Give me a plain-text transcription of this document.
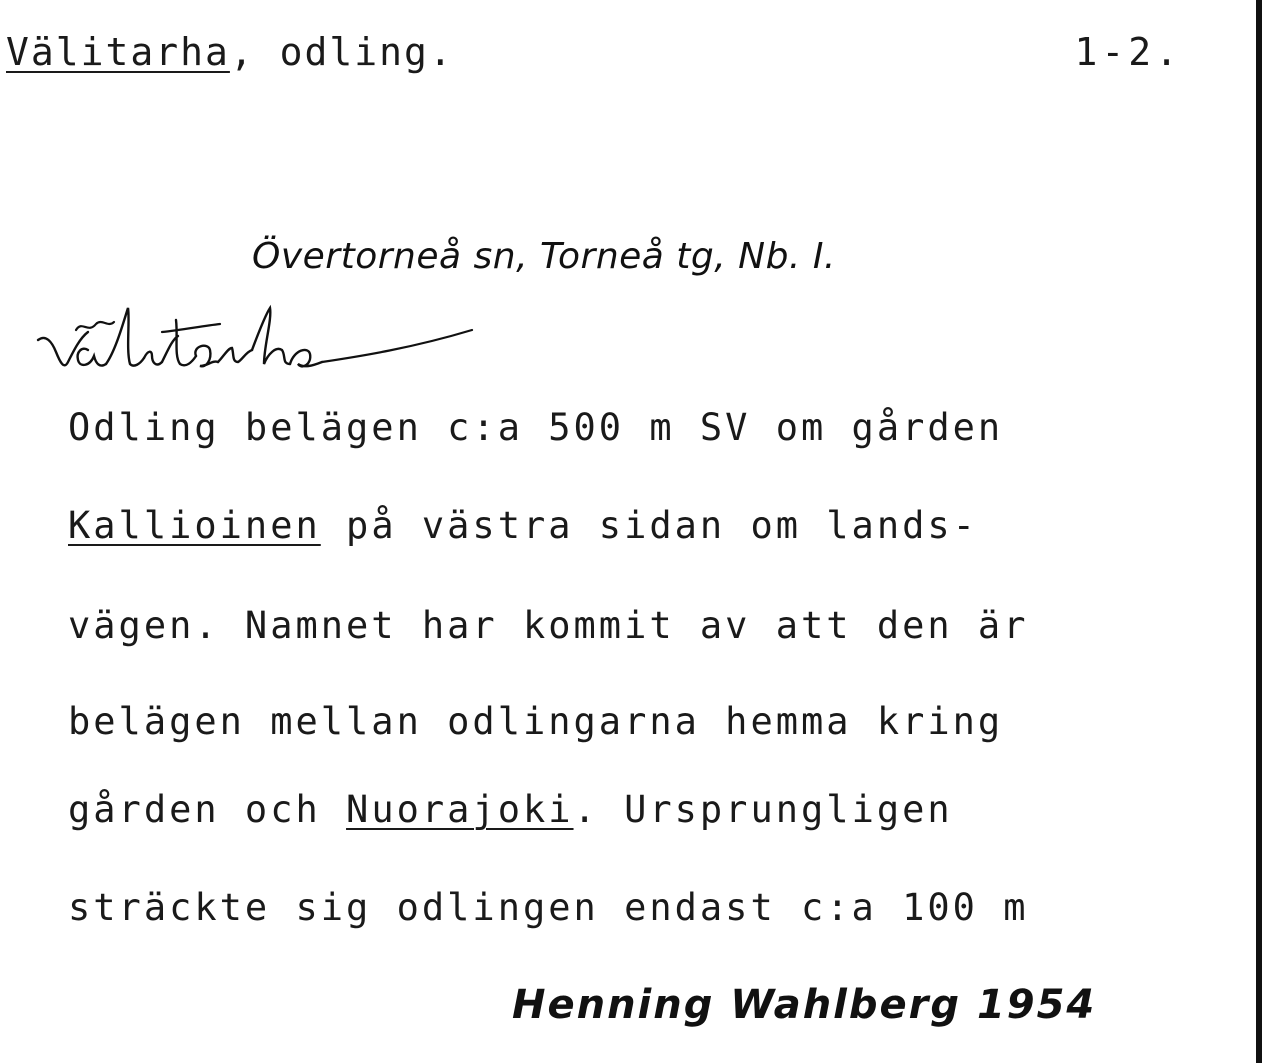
Välitarha, odling.	1-2.
Övertorneå sn, Torneå tg, Nb. I.
Odling belägen c:a 500 m SV om gården
Kallioinen på västra sidan om lands-
vägen. Namnet har kommit av att den är
belägen mellan odlingarna hemma kring
gården och Nuorajoki. Ursprungligen
sträckte sig odlingen endast c:a 100 m
Henning Wahlberg 1954
